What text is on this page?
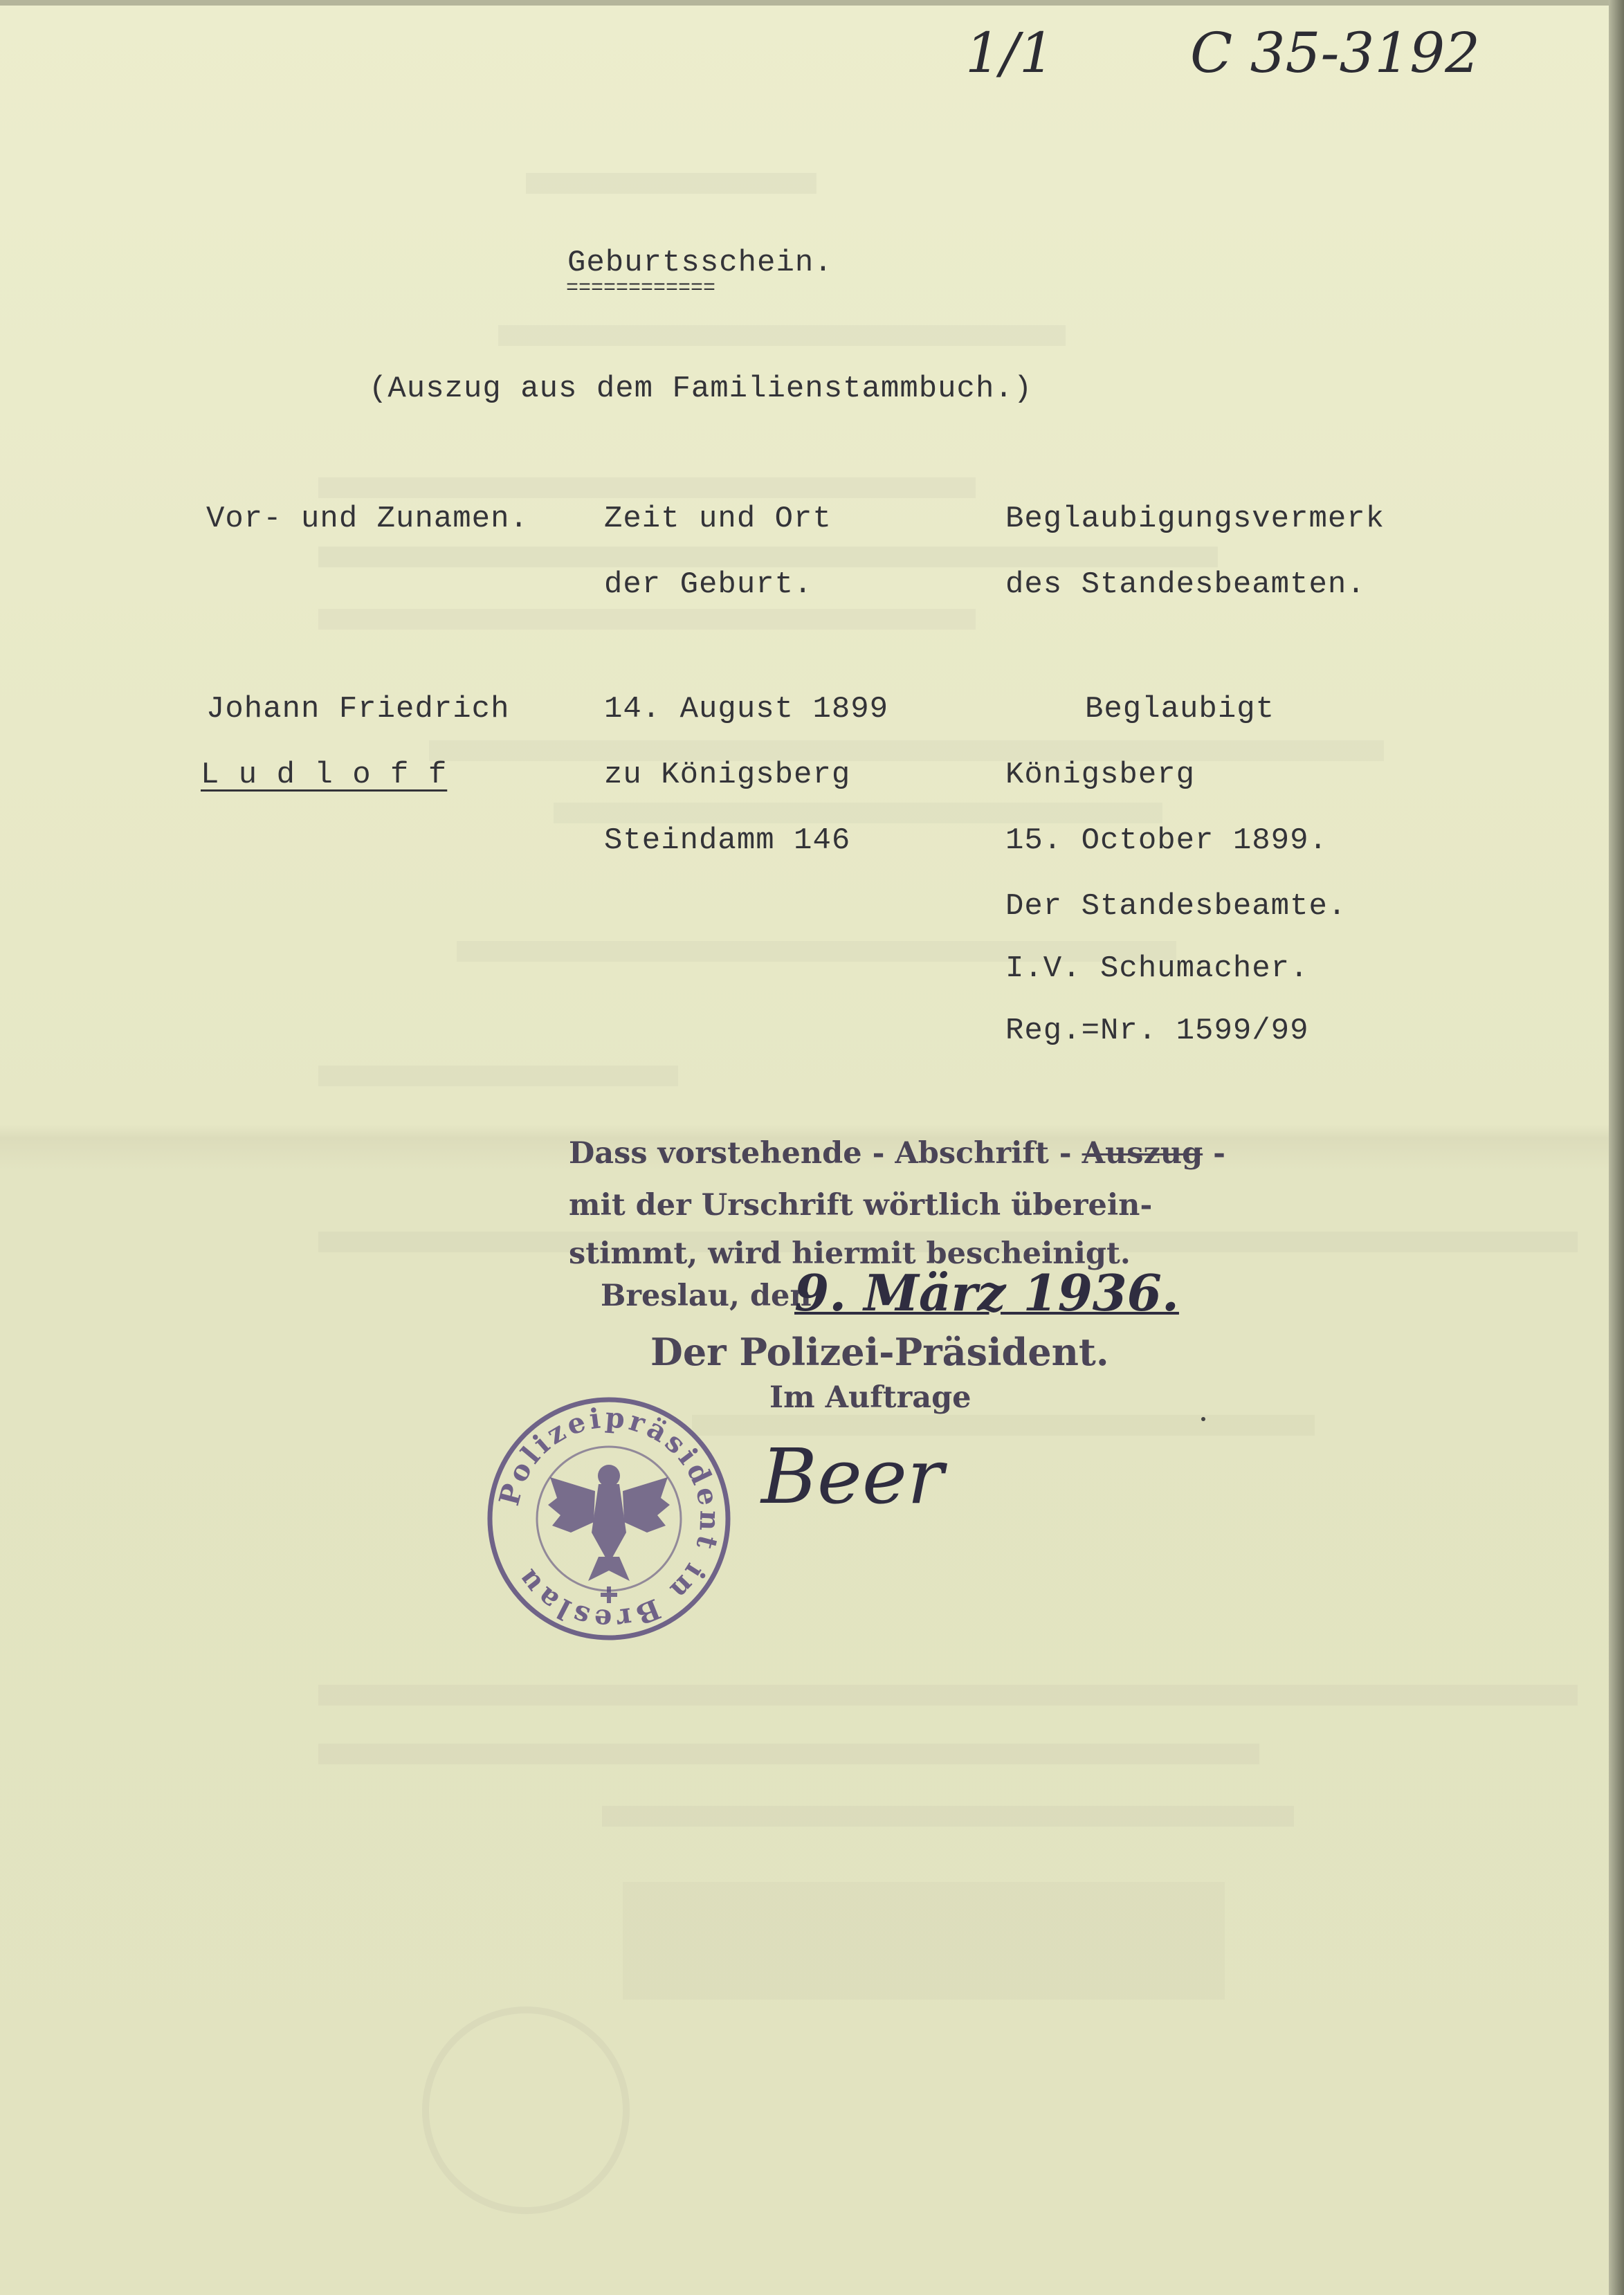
1/1 C 35-3192
Geburtsschein.
============
(Auszug aus dem Familienstammbuch.)
Vor- und Zunamen. Zeit und Ort
der Geburt.
Beglaubigungsvermerk
des Standesbeamten.
Johann Friedrich
L u d l o f f
14. August 1899
zu Königsberg
Steindamm 146
Beglaubigt
Königsberg
15. October 1899.
Der Standesbeamte.
I.V. Schumacher.
Reg.=Nr. 1599/99
Dass vorstehende - Abschrift - Auszug -
mit der Urschrift wörtlich überein-
stimmt, wird hiermit bescheinigt.
Breslau, den
9. März 1936.
Der Polizei-Präsident.
Im Auftrage
Beer
Polizeipräsident in Breslau
